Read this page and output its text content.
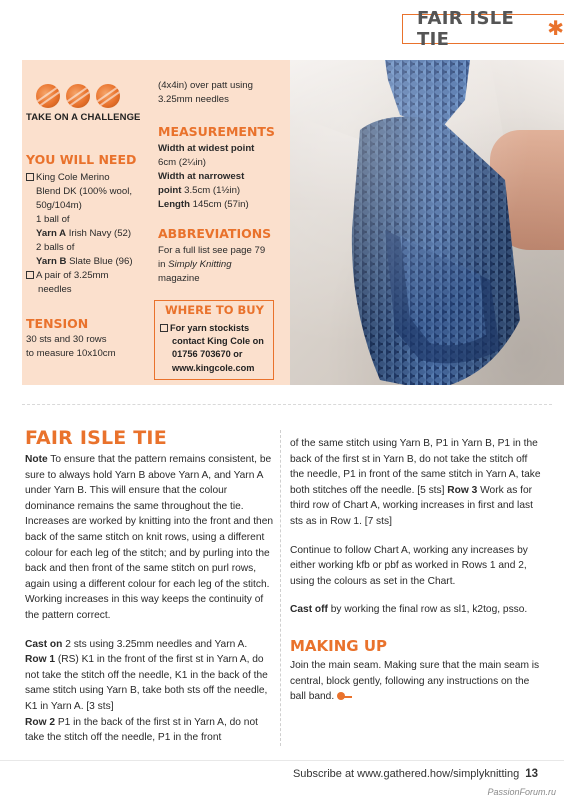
FAIR ISLE TIE	✱
TAKE ON A CHALLENGE
YOU WILL NEED
King Cole Merino
Blend DK (100% wool,
50g/104m)
1 ball of
Yarn A Irish Navy (52)
2 balls of
Yarn B Slate Blue (96)
A pair of 3.25mm
needles
TENSION
30 sts and 30 rows
to measure 10x10cm
(4x4in) over patt using
3.25mm needles
MEASUREMENTS
Width at widest point
6cm (2¼in)
Width at narrowest
point 3.5cm (1½in)
Length 145cm (57in)
ABBREVIATIONS
For a full list see page 79
in Simply Knitting
magazine
WHERE TO BUY
For yarn stockists
contact King Cole on
01756 703670 or
www.kingcole.com
FAIR ISLE TIE
Note To ensure that the pattern remains consistent, be sure to always hold Yarn B above Yarn A, and Yarn A under Yarn B. This will ensure that the colour dominance remains the same throughout the tie. Increases are worked by knitting into the front and then back of the same stitch on knit rows, using a different colour for each leg of the stitch; and by purling into the back and then front of the same stitch on purl rows, again using a different colour for each leg of the stitch. Working increases in this way keeps the continuity of the pattern correct.
Cast on 2 sts using 3.25mm needles and Yarn A.
Row 1 (RS) K1 in the front of the first st in Yarn A, do not take the stitch off the needle, K1 in the back of the same stitch using Yarn B, take both sts off the needle, K1 in Yarn A. [3 sts]
Row 2 P1 in the back of the first st in Yarn A, do not take the stitch off the needle, P1 in the front
of the same stitch using Yarn B, P1 in Yarn B, P1 in the back of the first st in Yarn B, do not take the stitch off the needle, P1 in front of the same stitch in Yarn A, take both stitches off the needle. [5 sts] Row 3 Work as for third row of Chart A, working increases in first and last sts as in Row 1. [7 sts]
Continue to follow Chart A, working any increases by either working kfb or pbf as worked in Rows 1 and 2, using the colours as set in the Chart.
Cast off by working the final row as sl1, k2tog, psso.
MAKING UP
Join the main seam. Making sure that the main seam is central, block gently, following any instructions on the ball band.
Subscribe at www.gathered.how/simplyknitting 13
PassionForum.ru
